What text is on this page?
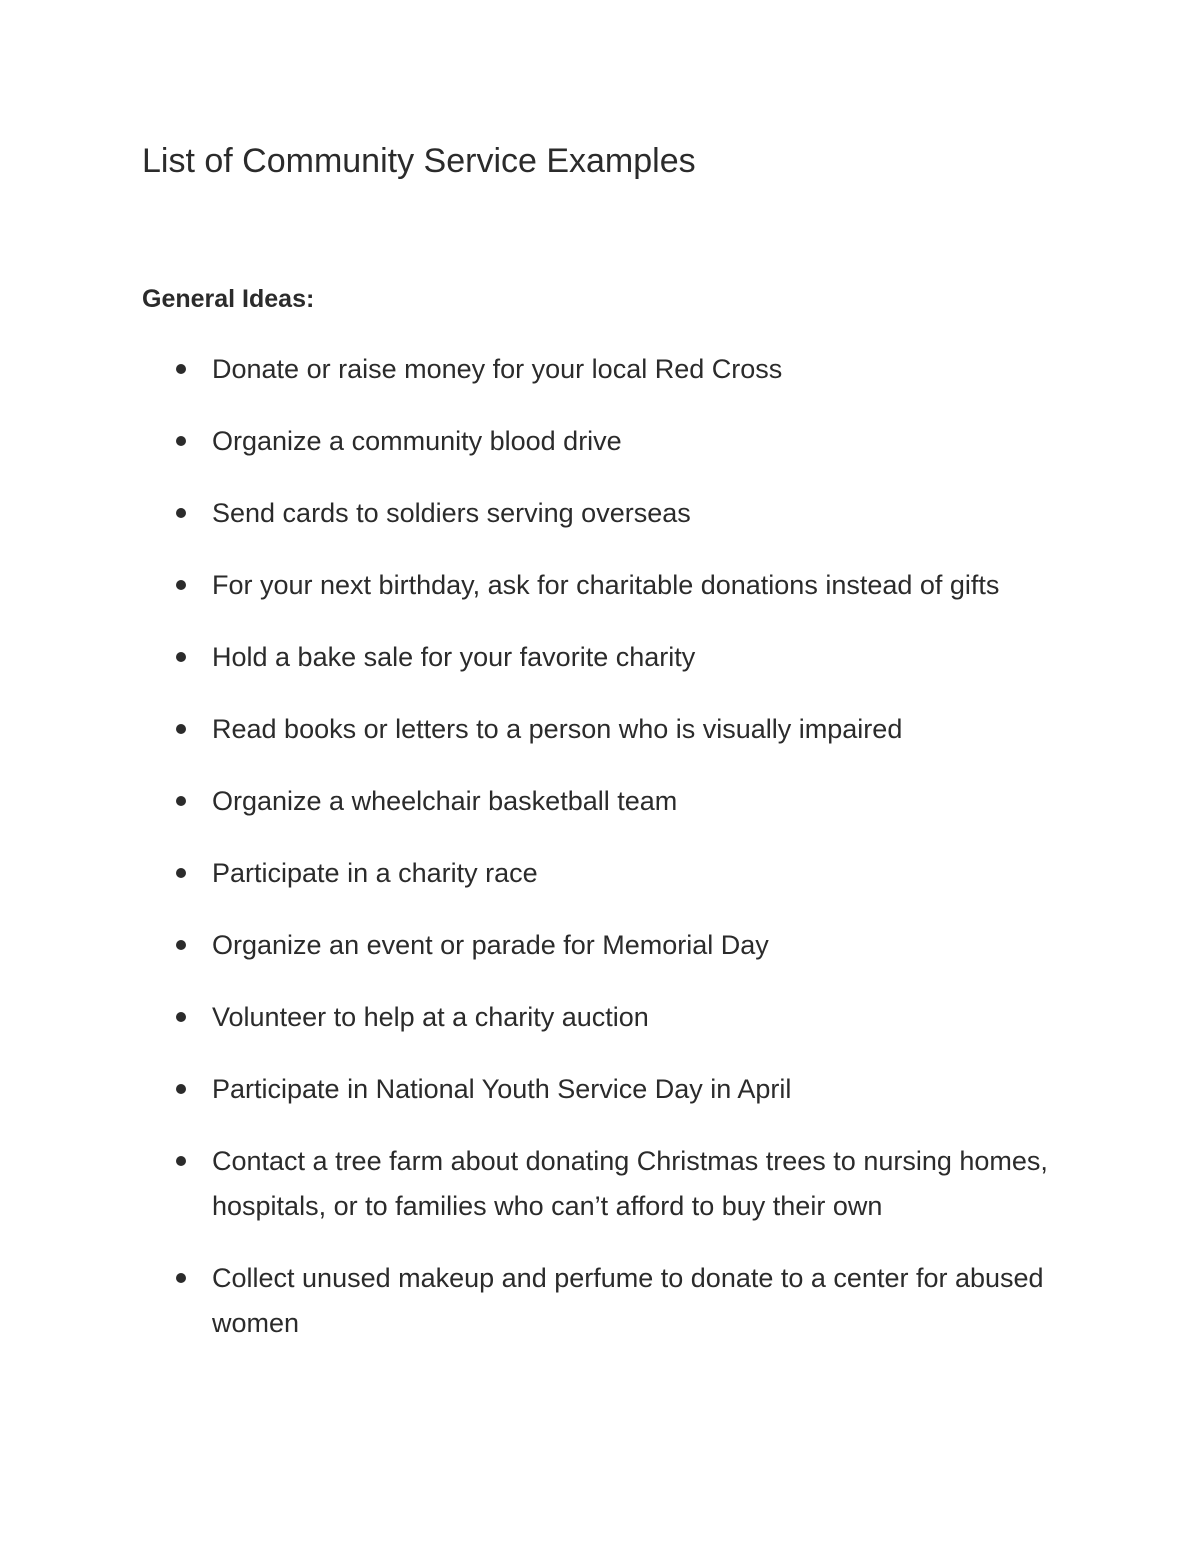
List of Community Service Examples
General Ideas:
Donate or raise money for your local Red Cross
Organize a community blood drive
Send cards to soldiers serving overseas
For your next birthday, ask for charitable donations instead of gifts
Hold a bake sale for your favorite charity
Read books or letters to a person who is visually impaired
Organize a wheelchair basketball team
Participate in a charity race
Organize an event or parade for Memorial Day
Volunteer to help at a charity auction
Participate in National Youth Service Day in April
Contact a tree farm about donating Christmas trees to nursing homes, hospitals, or to families who can’t afford to buy their own
Collect unused makeup and perfume to donate to a center for abused women
